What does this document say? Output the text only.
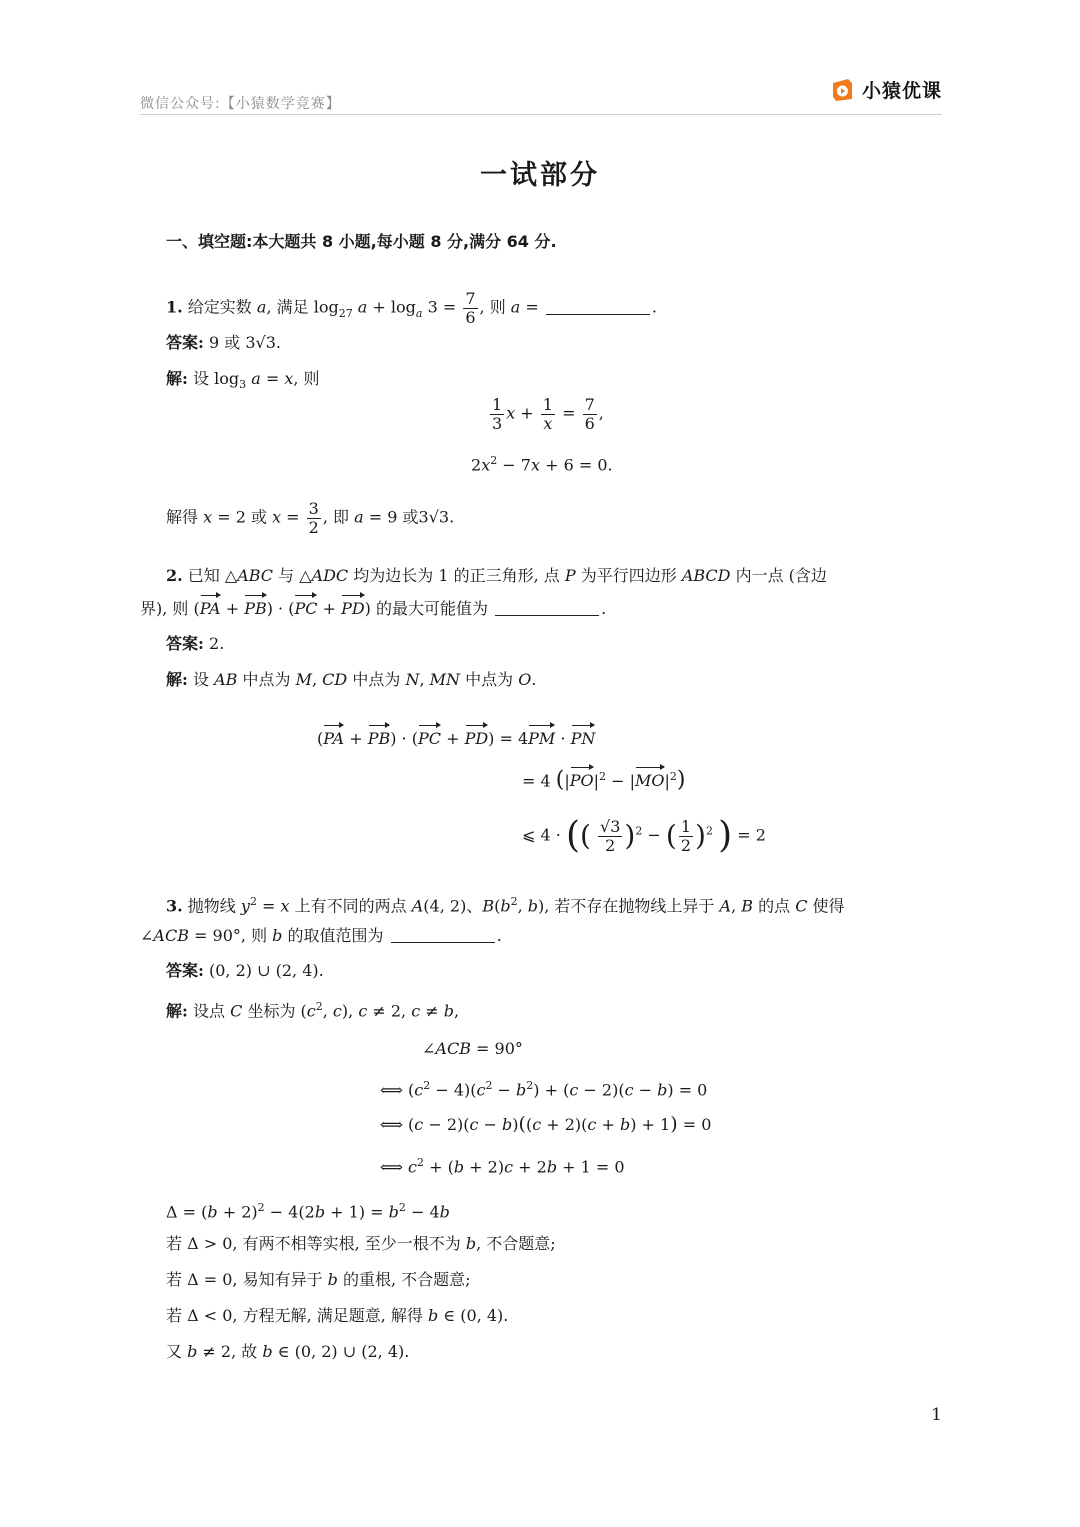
微信公众号:【小猿数学竞赛】
小猿优课
一试部分
一、填空题:本大题共 8 小题,每小题 8 分,满分 64 分.
1. 给定实数 a, 满足 $\log_{27} a + \log_a 3 = \frac{7}{6}$ , 则 a =	.
答案: 9 或 3√3.
解: 设 $\log_3 a = x$, 则
$\frac{1}{3}$ $x + \frac{1}{x} = \frac{7}{6}$ ,
$2x^2 - 7x + 6 = 0$.
解得 x = 2 或 $x = \frac{3}{2}$ , 即 a = 9 或3√3.
2. 已知 △ABC 与 △ADC 均为边长为 1 的正三角形, 点 P 为平行四边形 ABCD 内一点 (含边
界), 则 (PA + PB) · (PC + PD) 的最大可能值为	.
答案: 2.
解: 设 AB 中点为 M, CD 中点为 N, MN 中点为 O.
(PA + PB) · (PC + PD) = 4PM · PN
= 4 $(|PO|^2 - |MO|^2)$
⩽ 4 · (( $\frac{√3}{2} )^2$ − ( $\frac{1}{2} )^2$ ) = 2
3. 抛物线 $y^2 = x$ 上有不同的两点 A(4, 2)、$B(b^2$, b), 若不存在抛物线上异于 A, B 的点 C 使得
∠ACB = 90°, 则 b 的取值范围为	.
答案: (0, 2) ∪ (2, 4).
解: 设点 C 坐标为 ($c^2$, c), c ≠ 2, c ≠ b,
∠ACB = 90°
⟺ $(c^2 - 4)(c^2 - b^2) + (c - 2)(c - b) = 0$
⟺ (c − 2)(c − b)((c + 2)(c + b) + 1) = 0
⟺ $c^2 + (b + 2)c + 2b + 1 = 0$
$\Delta = (b + 2)^2 - 4(2b + 1) = b^2 - 4b$
若 Δ > 0, 有两不相等实根, 至少一根不为 b, 不合题意;
若 Δ = 0, 易知有异于 b 的重根, 不合题意;
若 Δ < 0, 方程无解, 满足题意, 解得 b ∈ (0, 4).
又 b ≠ 2, 故 b ∈ (0, 2) ∪ (2, 4).
1
